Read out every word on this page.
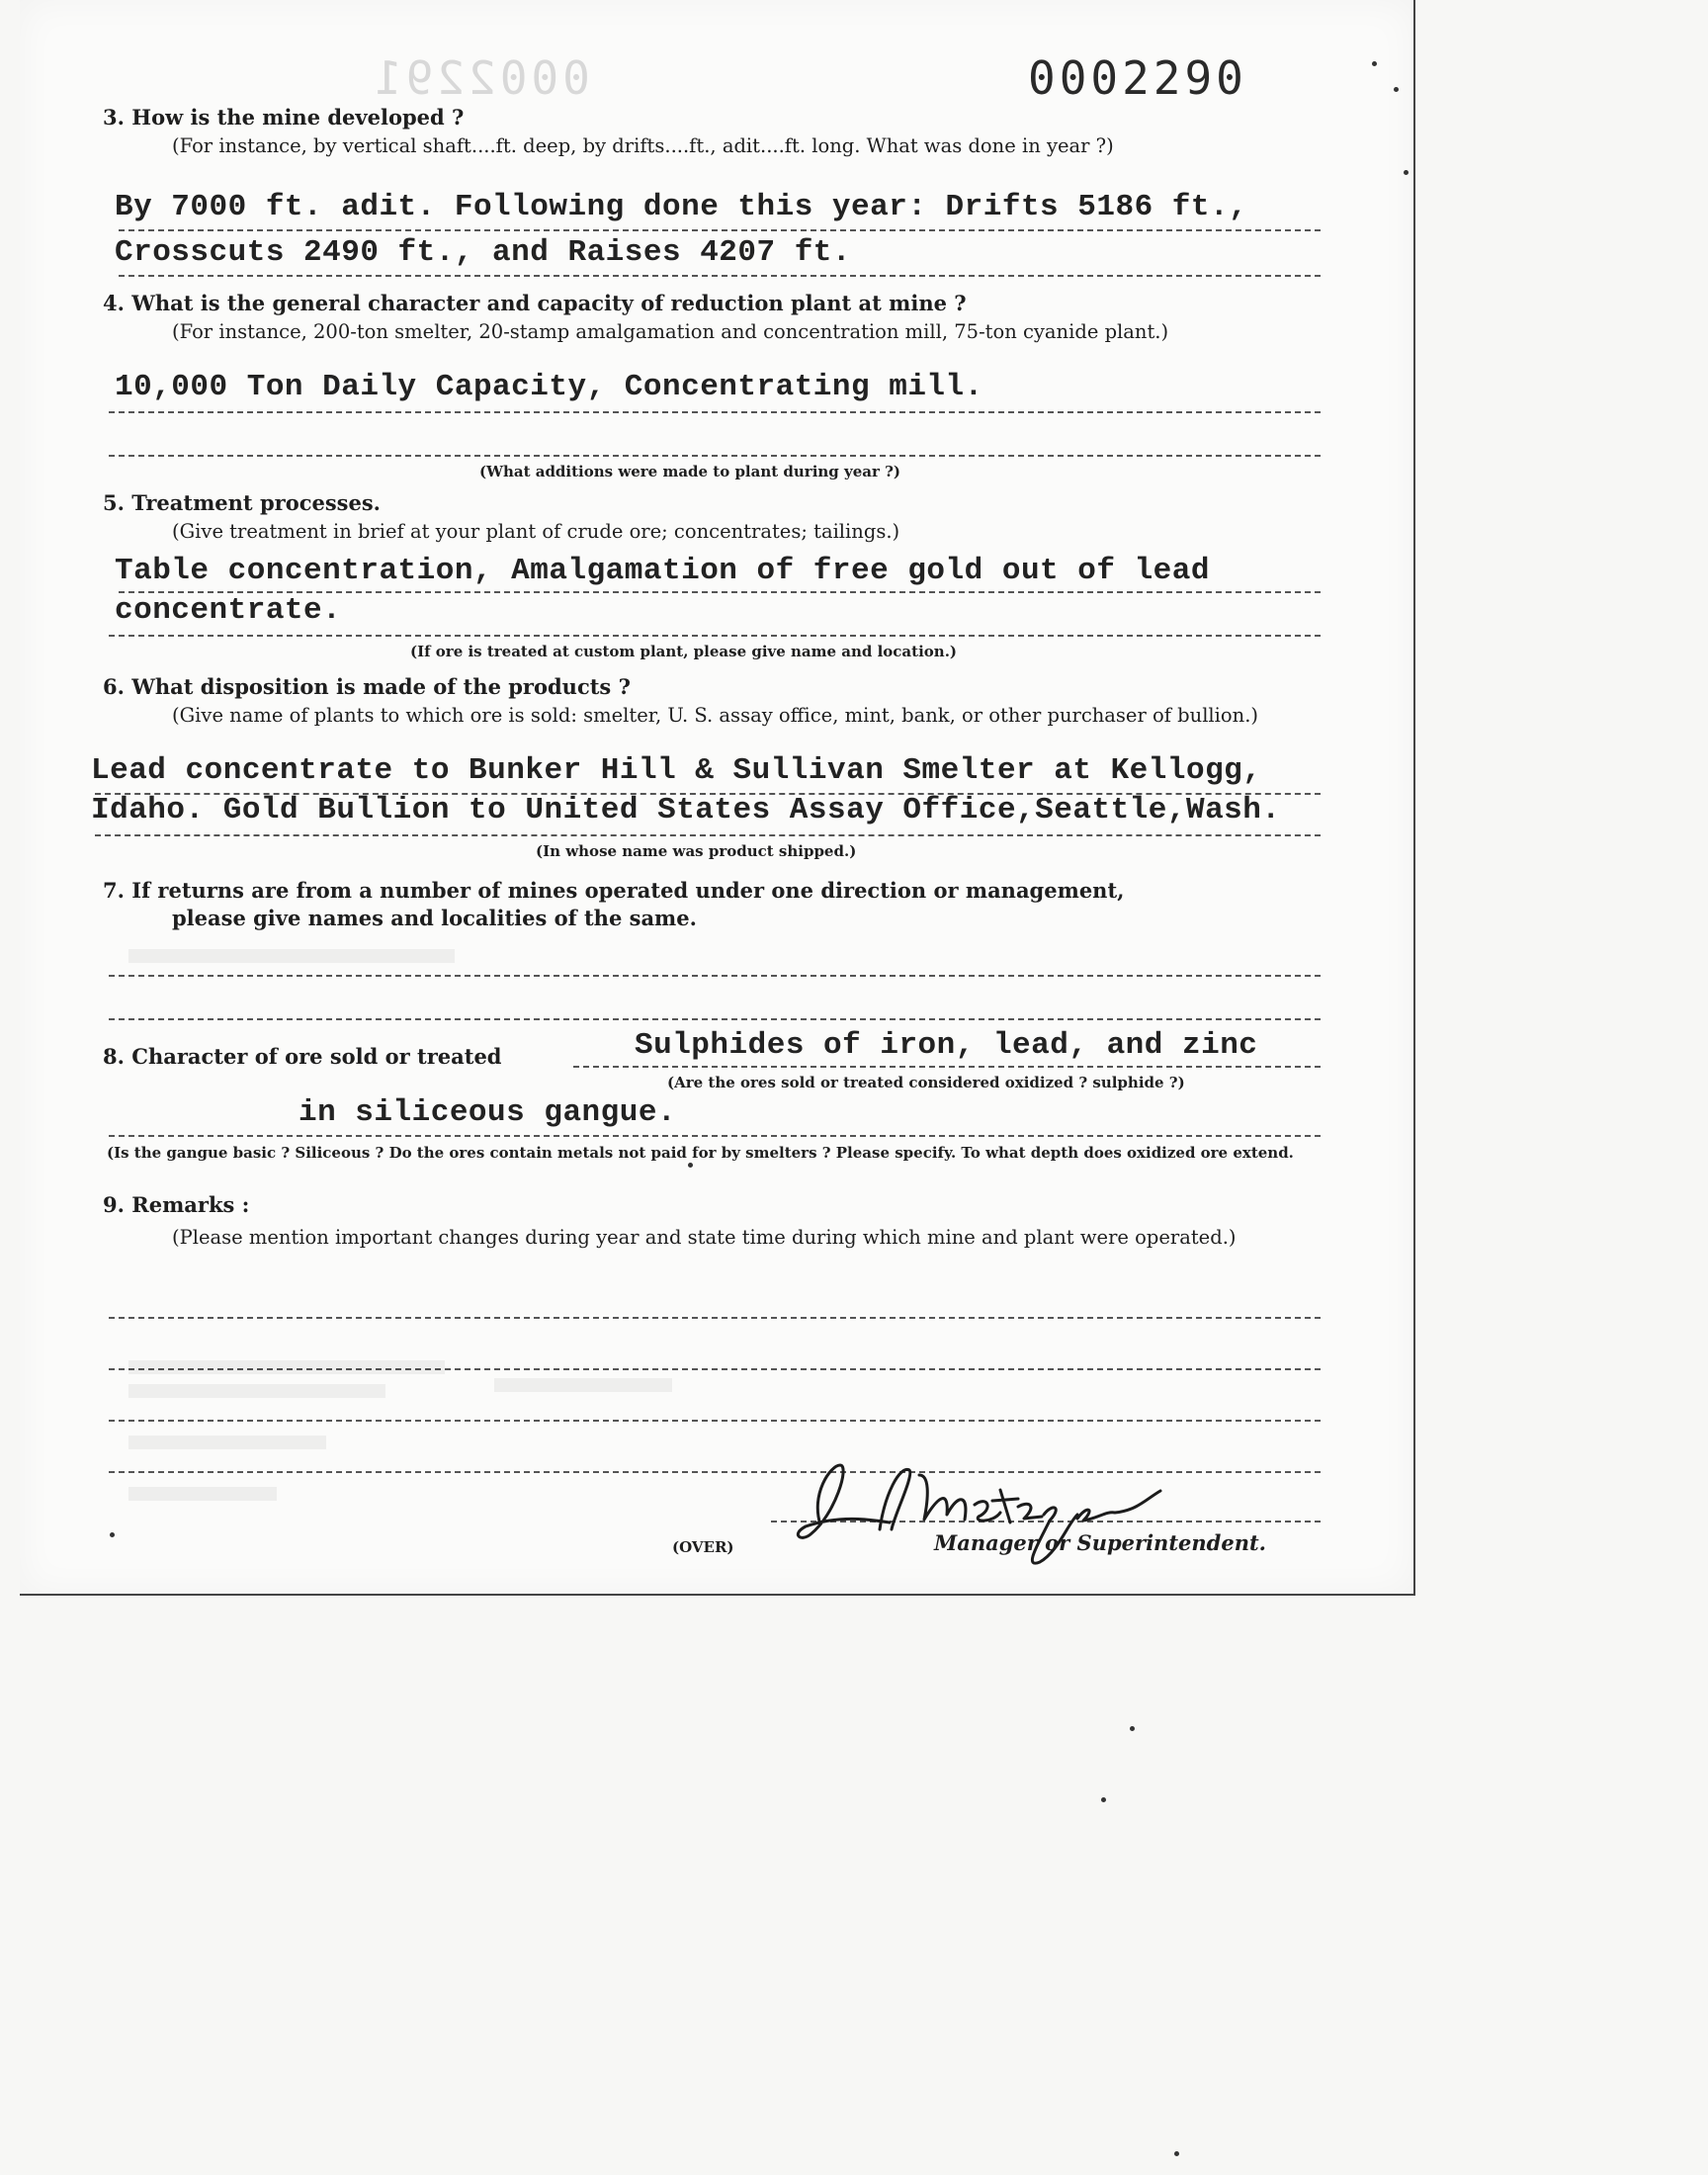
0002291	0002290
3. How is the mine developed ?
(For instance, by vertical shaft....ft. deep, by drifts....ft., adit....ft. long. What was done in year ?)
By 7000 ft. adit. Following done this year: Drifts 5186 ft.,
Crosscuts 2490 ft., and Raises 4207 ft.
4. What is the general character and capacity of reduction plant at mine ?
(For instance, 200-ton smelter, 20-stamp amalgamation and concentration mill, 75-ton cyanide plant.)
10,000 Ton Daily Capacity, Concentrating mill.
(What additions were made to plant during year ?)
5. Treatment processes.
(Give treatment in brief at your plant of crude ore; concentrates; tailings.)
Table concentration, Amalgamation of free gold out of lead
concentrate.
(If ore is treated at custom plant, please give name and location.)
6. What disposition is made of the products ?
(Give name of plants to which ore is sold: smelter, U. S. assay office, mint, bank, or other purchaser of bullion.)
Lead concentrate to Bunker Hill & Sullivan Smelter at Kellogg,
Idaho. Gold Bullion to United States Assay Office,Seattle,Wash.
(In whose name was product shipped.)
7. If returns are from a number of mines operated under one direction or management,
please give names and localities of the same.
8. Character of ore sold or treated	Sulphides of iron, lead, and zinc
(Are the ores sold or treated considered oxidized ? sulphide ?)
in siliceous gangue.
(Is the gangue basic ? Siliceous ? Do the ores contain metals not paid for by smelters ? Please specify. To what depth does oxidized ore extend.
9. Remarks :
(Please mention important changes during year and state time during which mine and plant were operated.)
(OVER)	Manager or Superintendent.
